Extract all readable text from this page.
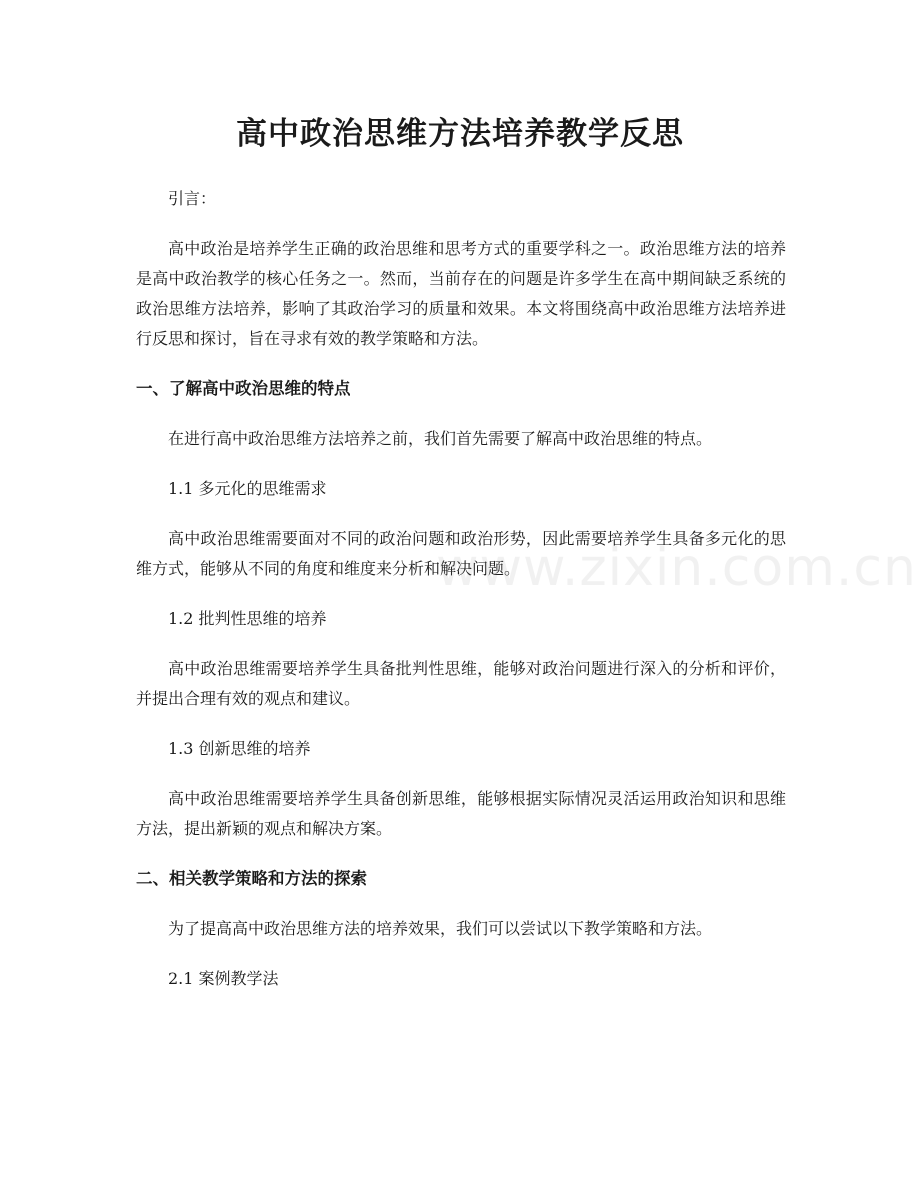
高中政治思维方法培养教学反思

引言：

高中政治是培养学生正确的政治思维和思考方式的重要学科之一。政治思维方法的培养是高中政治教学的核心任务之一。然而，当前存在的问题是许多学生在高中期间缺乏系统的政治思维方法培养，影响了其政治学习的质量和效果。本文将围绕高中政治思维方法培养进行反思和探讨，旨在寻求有效的教学策略和方法。

一、了解高中政治思维的特点

在进行高中政治思维方法培养之前，我们首先需要了解高中政治思维的特点。

1.1 多元化的思维需求

高中政治思维需要面对不同的政治问题和政治形势，因此需要培养学生具备多元化的思维方式，能够从不同的角度和维度来分析和解决问题。

1.2 批判性思维的培养

高中政治思维需要培养学生具备批判性思维，能够对政治问题进行深入的分析和评价，并提出合理有效的观点和建议。

1.3 创新思维的培养

高中政治思维需要培养学生具备创新思维，能够根据实际情况灵活运用政治知识和思维方法，提出新颖的观点和解决方案。

二、相关教学策略和方法的探索

为了提高高中政治思维方法的培养效果，我们可以尝试以下教学策略和方法。

2.1 案例教学法

www.zixin.com.cn
